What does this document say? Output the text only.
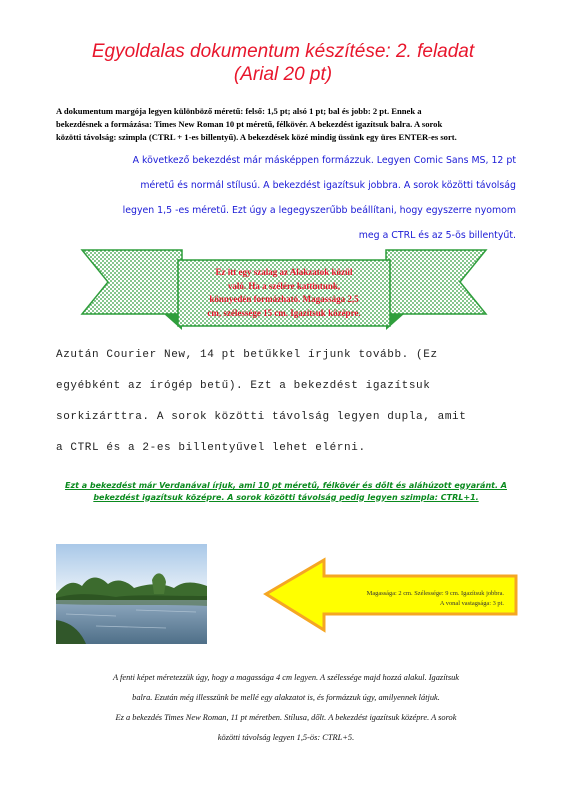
Egyoldalas dokumentum készítése: 2. feladat
(Arial 20 pt)
A dokumentum margója legyen különböző méretű: felső: 1,5 pt; alsó 1 pt; bal és jobb: 2 pt. Ennek a
bekezdésnek a formázása: Times New Roman 10 pt méretű, félkövér. A bekezdést igazítsuk balra. A sorok
közötti távolság: szimpla (CTRL + 1-es billentyű). A bekezdések közé mindig üssünk egy üres ENTER-es sort.
A következő bekezdést már másképpen formázzuk. Legyen Comic Sans MS, 12 pt
méretű és normál stílusú. A bekezdést igazítsuk jobbra. A sorok közötti távolság
legyen 1,5 -es méretű. Ezt úgy a legegyszerűbb beállítani, hogy egyszerre nyomom
meg a CTRL és az 5-ös billentyűt.
Ez itt egy szalag az Alakzatok közül
való. Ha a szélére kattintunk,
könnyedén formázható. Magassága 2,5
cm, szélessége 15 cm. Igazítsuk középre.
Azután Courier New, 14 pt betűkkel írjunk tovább. (Ez
egyébként az írógép betű). Ezt a bekezdést igazítsuk
sorkizárttra. A sorok közötti távolság legyen dupla, amit
a CTRL és a 2-es billentyűvel lehet elérni.
Ezt a bekezdést már Verdanával írjuk, ami 10 pt méretű, félkövér és dőlt és aláhúzott egyaránt. A bekezdést igazítsuk középre. A sorok közötti távolság pedig legyen szimpla: CTRL+1.
Magassága: 2 cm. Szélessége: 9 cm. Igazítsuk jobbra.
A vonal vastagsága: 3 pt.
A fenti képet méretezzük úgy, hogy a magassága 4 cm legyen. A szélessége majd hozzá alakul. Igazítsuk
balra. Ezután még illesszünk be mellé egy alakzatot is, és formázzuk úgy, amilyennek látjuk.
Ez a bekezdés Times New Roman, 11 pt méretben. Stílusa, dőlt. A bekezdést igazítsuk középre. A sorok
közötti távolság legyen 1,5-ös: CTRL+5.
